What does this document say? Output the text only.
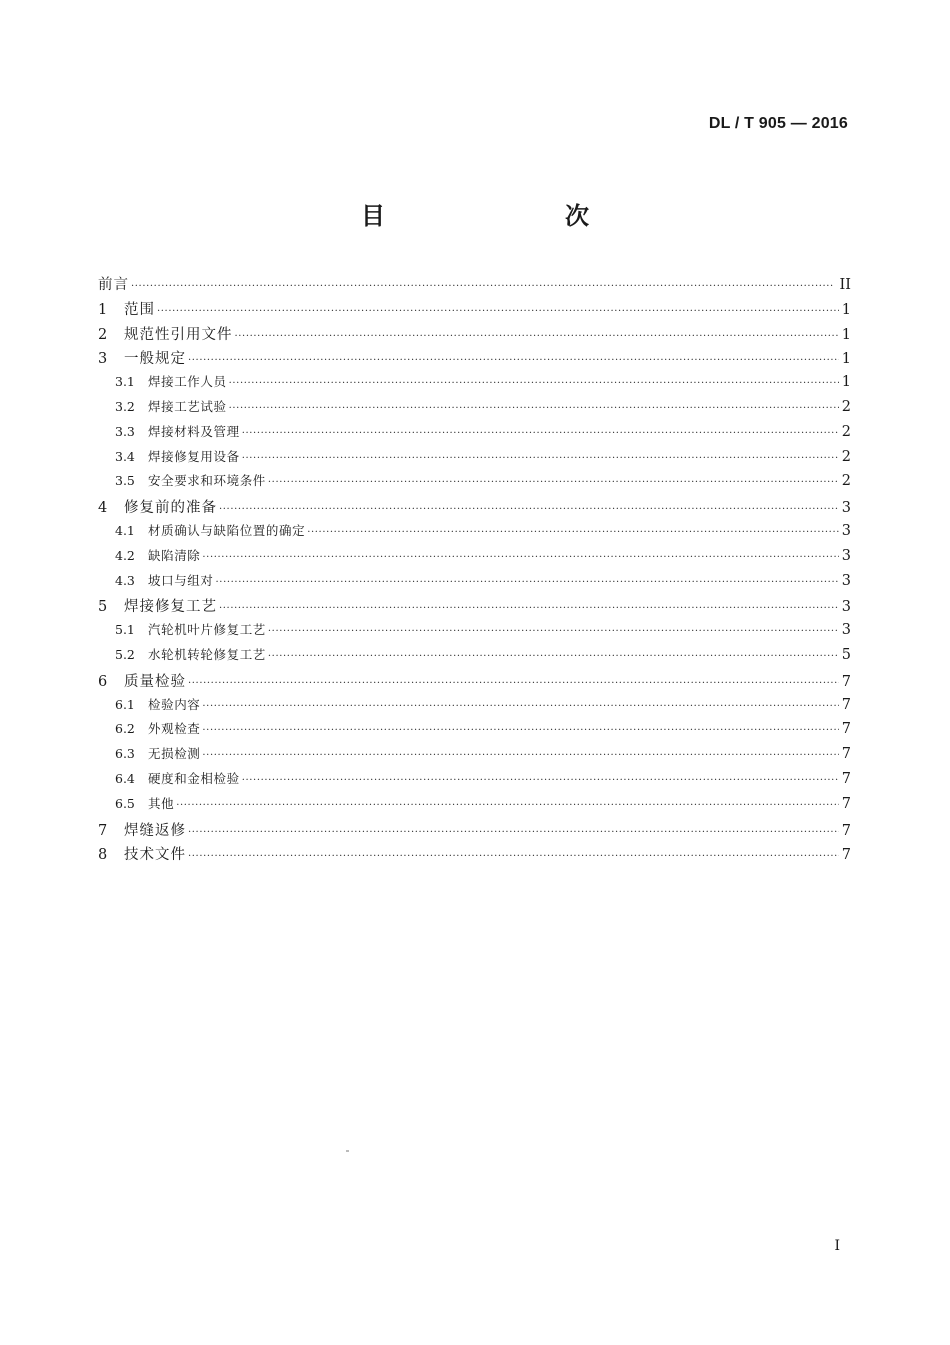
DL / T 905 — 2016
目　　次
前言 ·····	II
1	范围 ·····	1
2	规范性引用文件 ·····	1
3	一般规定 ·····	1
3.1	焊接工作人员 ·····	1
3.2	焊接工艺试验 ·····	2
3.3	焊接材料及管理 ·····	2
3.4	焊接修复用设备 ·····	2
3.5	安全要求和环境条件 ·····	2
4	修复前的准备 ·····	3
4.1	材质确认与缺陷位置的确定 ·····	3
4.2	缺陷清除 ·····	3
4.3	坡口与组对 ·····	3
5	焊接修复工艺 ·····	3
5.1	汽轮机叶片修复工艺 ·····	3
5.2	水轮机转轮修复工艺 ·····	5
6	质量检验 ·····	7
6.1	检验内容 ·····	7
6.2	外观检查 ·····	7
6.3	无损检测 ·····	7
6.4	硬度和金相检验 ·····	7
6.5	其他 ·····	7
7	焊缝返修 ·····	7
8	技术文件 ·····	7
I
